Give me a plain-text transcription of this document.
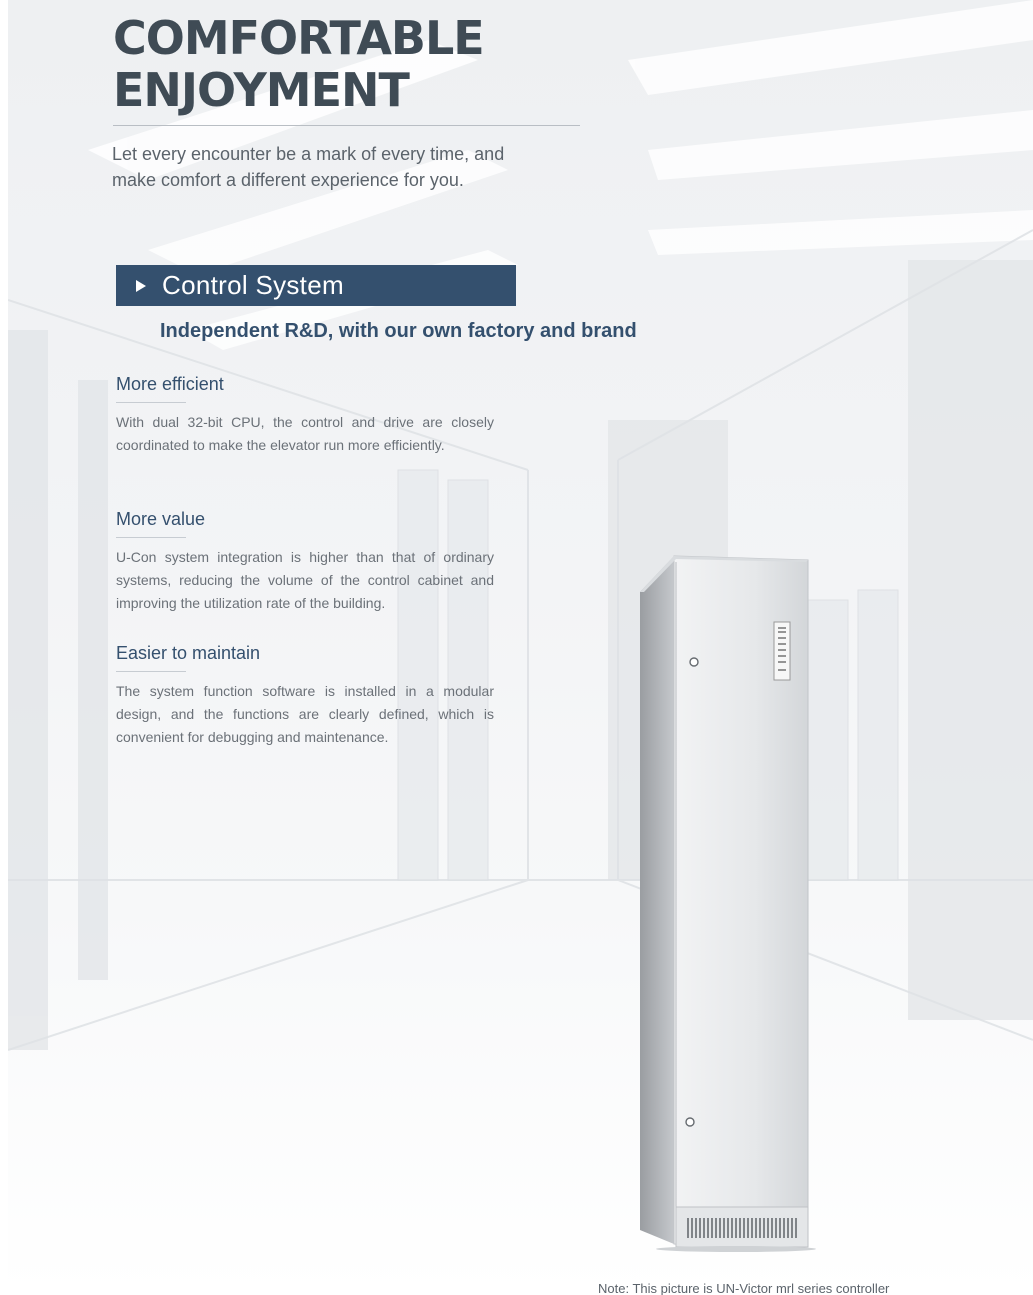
COMFORTABLE
ENJOYMENT
Let every encounter be a mark of every time, and
make comfort a different experience for you.
Control System
Independent R&D, with our own factory and brand
More efficient

With dual 32-bit CPU, the control and drive are closely coordinated to make the elevator run more efficiently.

More value

U-Con system integration is higher than that of ordinary systems, reducing the volume of the control cabinet and improving the utilization rate of the building.

Easier to maintain

The system function software is installed in a modular design, and the functions are clearly defined, which is convenient for debugging and maintenance.

Note: This picture is UN-Victor mrl series controller
